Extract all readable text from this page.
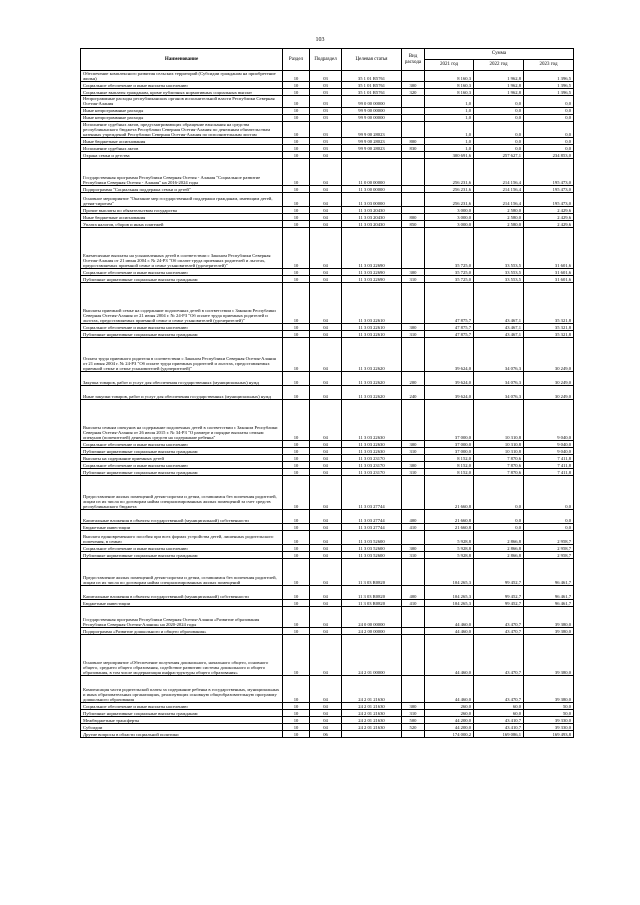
103
Наименование	Раздел	Подраздел	Целевая статья	Вид расхода	Сумма		
					2021 год	2022 год	2023 год
Обеспечение комплексного развития сельских территорий (Субсидии гражданам на приобретение жилья)	10	03	35 1 01 R5761		8 160,3	1 962,8	1 396,5
Социальное обеспечение и иные выплаты населению	10	03	35 1 01 R5761	300	8 160,3	1 962,8	1 396,5
Социальные выплаты гражданам, кроме публичных нормативных социальных выплат	10	03	35 1 01 R5761	320	8 160,3	1 962,8	1 396,5
Непрограммные расходы республиканских органов исполнительной власти Республики Северная Осетия-Алания	10	03	99 0 00 00000		1,0	0,0	0,0
Иные непрограммные расходы	10	03	99 9 00 00000		1,0	0,0	0,0
Иные непрограммные расходы	10	03	99 9 00 00000		1,0	0,0	0,0
Исполнение судебных актов, предусматривающих обращение взыскания на средства республиканского бюджета Республики Северная Осетия-Алания по денежным обязательствам казенных учреждений Республики Северная Осетия-Алания по исполнительным листам	10	03	99 9 00 28023		1,0	0,0	0,0
Иные бюджетные ассигнования	10	03	99 9 00 28023	800	1,0	0,0	0,0
Исполнение судебных актов	10	03	99 9 00 28023	830	1,0	0,0	0,0
Охрана семьи и детства	10	04			300 691,6	257 627,1	234 853,0
Государственная программа Республики Северная Осетия - Алания "Социальное развитие Республики Северная Осетия - Алания" на 2016-2024 годы	10	04	11 0 00 00000		256 231,6	214 156,4	195 473,0
Подпрограмма "Социальная поддержка семьи и детей"	10	04	11 3 00 00000		256 231,6	214 156,4	195 473,0
Основное мероприятие "Оказание мер государственной поддержки гражданам, имеющим детей, детям-сиротам"	10	04	11 3 03 00000		256 231,6	214 156,4	195 473,0
Прочие выплаты по обязательствам государства	10	04	11 3 03 20430		3 000,0	2 580,0	2 429,6
Иные бюджетные ассигнования	10	04	11 3 03 20430	800	3 000,0	2 580,0	2 429,6
Уплата налогов, сборов и иных платежей	10	04	11 3 03 20430	850	3 000,0	2 580,0	2 429,6
Ежемесячные выплаты на усыновленных детей в соответствии с Законом Республики Северная Осетия-Алания от 21 июня 2004 г. № 24-РЗ "Об оплате труда приемных родителей и льготах, предоставляемых приемной семье и семье усыновителей (удочерителей)"	10	04	11 3 03 22690		35 725,0	33 553,5	31 601,6
Социальное обеспечение и иные выплаты населению	10	04	11 3 03 22690	300	35 725,0	33 553,5	31 601,6
Публичные нормативные социальные выплаты гражданам	10	04	11 3 03 22690	310	35 725,0	33 553,5	31 601,6
Выплаты приемной семье на содержание подопечных детей в соответствии с Законом Республики Северная Осетия-Алания от 21 июня 2004 г. № 24-РЗ "Об оплате труда приемных родителей и льготах, предоставляемых приемной семье и семье усыновителей (удочерителей)"	10	04	11 3 03 22610		47 875,7	43 467,1	35 321,8
Социальное обеспечение и иные выплаты населению	10	04	11 3 03 22610	300	47 875,7	43 467,1	35 321,8
Публичные нормативные социальные выплаты гражданам	10	04	11 3 03 22610	310	47 875,7	43 467,1	35 321,8
Оплата труда приемного родителя в соответствии с Законом Республики Северная Осетия-Алания от 21 июня 2004 г. № 24-РЗ "Об оплате труда приемных родителей и льготах, предоставляемых приемной семье и семье усыновителей (удочерителей)"	10	04	11 3 03 22620		39 624,0	34 076,3	30 249,0
Закупка товаров, работ и услуг для обеспечения государственных (муниципальных) нужд	10	04	11 3 03 22620	200	39 624,0	34 076,3	30 249,0
Иные закупки товаров, работ и услуг для обеспечения государственных (муниципальных) нужд	10	04	11 3 03 22620	240	39 624,0	34 076,3	30 249,0
Выплаты семьям опекунов на содержание подопечных детей в соответствии с Законом Республики Северная Осетия-Алания от 26 июля 2015 г. № 34-РЗ "О размере и порядке выплаты семьям опекунов (попечителей) денежных средств на содержание ребенка"	10	04	11 3 03 22630		37 000,0	10 310,8	9 040,0
Социальное обеспечение и иные выплаты населению	10	04	11 3 03 22630	300	37 000,0	10 310,8	9 040,0
Публичные нормативные социальные выплаты гражданам	10	04	11 3 03 22630	310	37 000,0	10 310,8	9 040,0
Выплаты на содержание приемных детей	10	04	11 3 03 23170		8 152,0	7 870,6	7 411,8
Социальное обеспечение и иные выплаты населению	10	04	11 3 03 23170	300	8 152,0	7 870,6	7 411,8
Публичные нормативные социальные выплаты гражданам	10	04	11 3 03 23170	310	8 152,0	7 870,6	7 411,8
Предоставление жилых помещений детям-сиротам и детям, оставшимся без попечения родителей, лицам из их числа по договорам найма специализированных жилых помещений за счет средств республиканского бюджета	10	04	11 3 03 27744		21 660,8	0,0	0,0
Капитальные вложения в объекты государственной (муниципальной) собственности	10	04	11 3 03 27744	400	21 660,8	0,0	0,0
Бюджетные инвестиции	10	04	11 3 03 27744	410	21 660,8	0,0	0,0
Выплата единовременного пособия при всех формах устройства детей, лишенных родительского попечения, в семью	10	04	11 3 03 52600		5 928,8	2 866,8	2 958,7
Социальное обеспечение и иные выплаты населению	10	04	11 3 03 52600	300	5 928,8	2 866,8	2 958,7
Публичные нормативные социальные выплаты гражданам	10	04	11 3 03 52600	310	5 928,8	2 866,8	2 958,7
Предоставление жилых помещений детям-сиротам и детям, оставшимся без попечения родителей, лицам из их числа по договорам найма специализированных жилых помещений	10	04	11 3 03 R0820		104 265,3	99 452,7	96 461,7
Капитальные вложения в объекты государственной (муниципальной) собственности	10	04	11 3 03 R0820	400	104 265,3	99 452,7	96 461,7
Бюджетные инвестиции	10	04	11 3 03 R0820	410	104 265,3	99 452,7	96 461,7
Государственная программа Республики Северная Осетия-Алания «Развитие образования Республики Северная Осетия-Алания» на 2020-2024 годы	10	04	24 0 00 00000		44 460,0	43 470,7	39 380,0
Подпрограмма «Развитие дошкольного и общего образования»	10	04	24 2 00 00000		44 460,0	43 470,7	39 380,0
Основное мероприятие «Обеспечение получения дошкольного, начального общего, основного общего, среднего общего образования, содействие развитию системы дошкольного и общего образования, в том числе модернизация инфраструктуры общего образования»	10	04	24 2 01 00000		44 460,0	43 470,7	39 380,0
Компенсация части родительской платы за содержание ребенка в государственных, муниципальных и иных образовательных организациях, реализующих основную общеобразовательную программу дошкольного образования	10	04	24 2 01 21630		44 460,0	43 470,7	39 380,0
Социальное обеспечение и иные выплаты населению	10	04	24 2 01 21630	300	260,0	60,0	50,0
Публичные нормативные социальные выплаты гражданам	10	04	24 2 01 21630	310	260,0	60,0	50,0
Межбюджетные трансферты	10	04	24 2 01 21630	500	44 200,0	43 410,7	39 330,0
Субсидии	10	04	24 2 01 21630	520	44 200,0	43 410,7	39 330,0
Другие вопросы в области социальной политики	10	06			174 000,2	169 086,1	169 493,8
